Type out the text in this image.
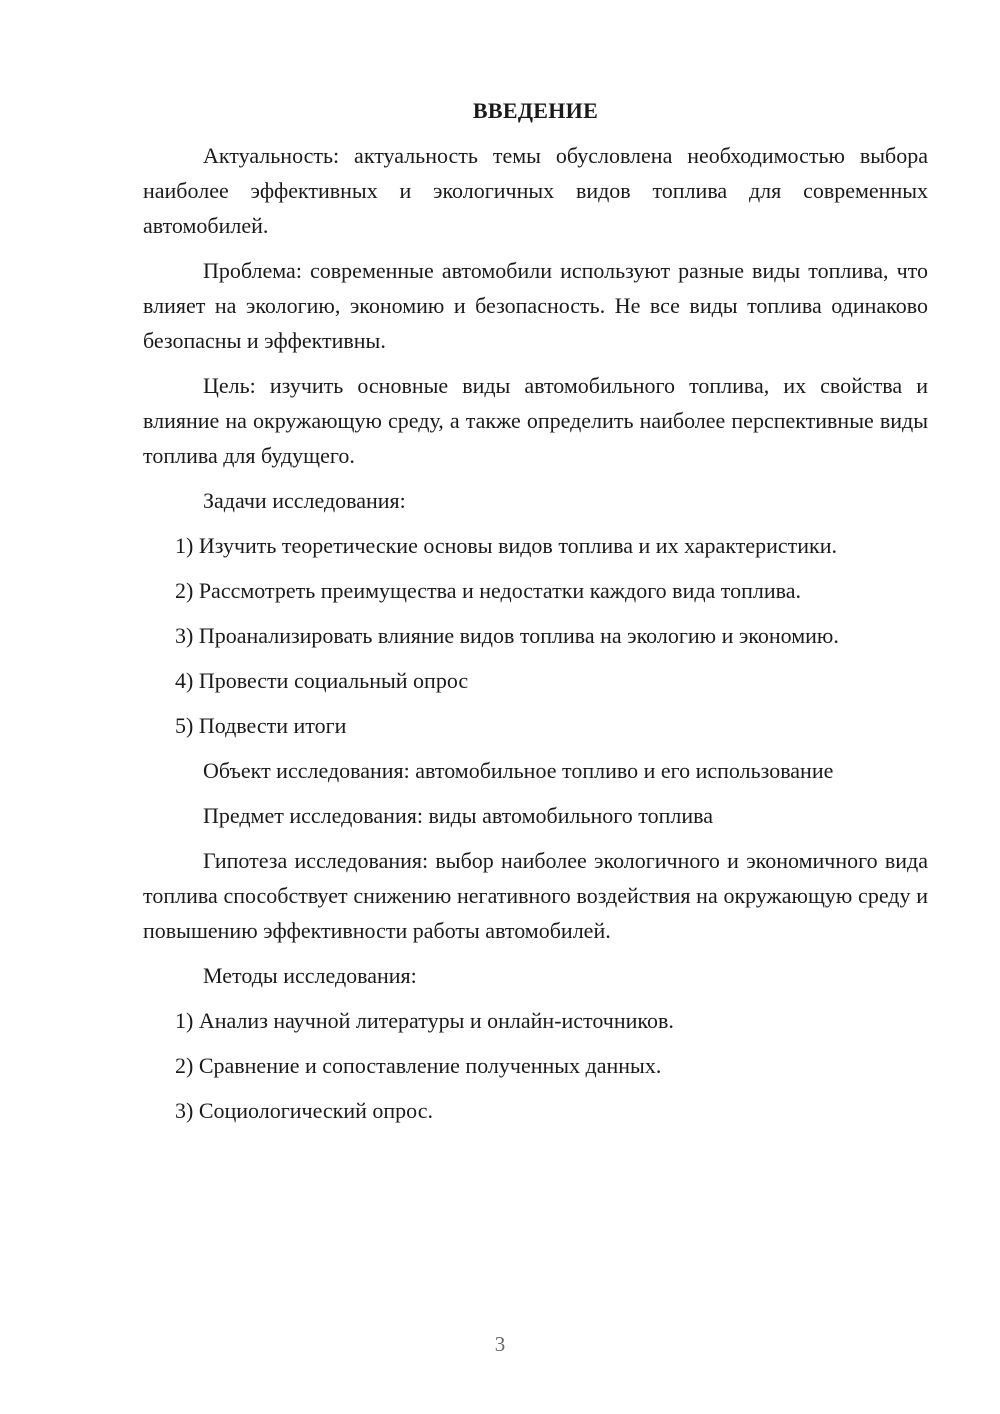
ВВЕДЕНИЕ

Актуальность: актуальность темы обусловлена необходимостью выбора наиболее эффективных и экологичных видов топлива для современных автомобилей.

Проблема: современные автомобили используют разные виды топлива, что влияет на экологию, экономию и безопасность. Не все виды топлива одинаково безопасны и эффективны.

Цель: изучить основные виды автомобильного топлива, их свойства и влияние на окружающую среду, а также определить наиболее перспективные виды топлива для будущего.

Задачи исследования:

1) Изучить теоретические основы видов топлива и их характеристики.

2) Рассмотреть преимущества и недостатки каждого вида топлива.

3) Проанализировать влияние видов топлива на экологию и экономию.

4) Провести социальный опрос

5) Подвести итоги

Объект исследования: автомобильное топливо и его использование

Предмет исследования: виды автомобильного топлива

Гипотеза исследования: выбор наиболее экологичного и экономичного вида топлива способствует снижению негативного воздействия на окружающую среду и повышению эффективности работы автомобилей.

Методы исследования:

1) Анализ научной литературы и онлайн-источников.

2) Сравнение и сопоставление полученных данных.

3) Социологический опрос.

3
